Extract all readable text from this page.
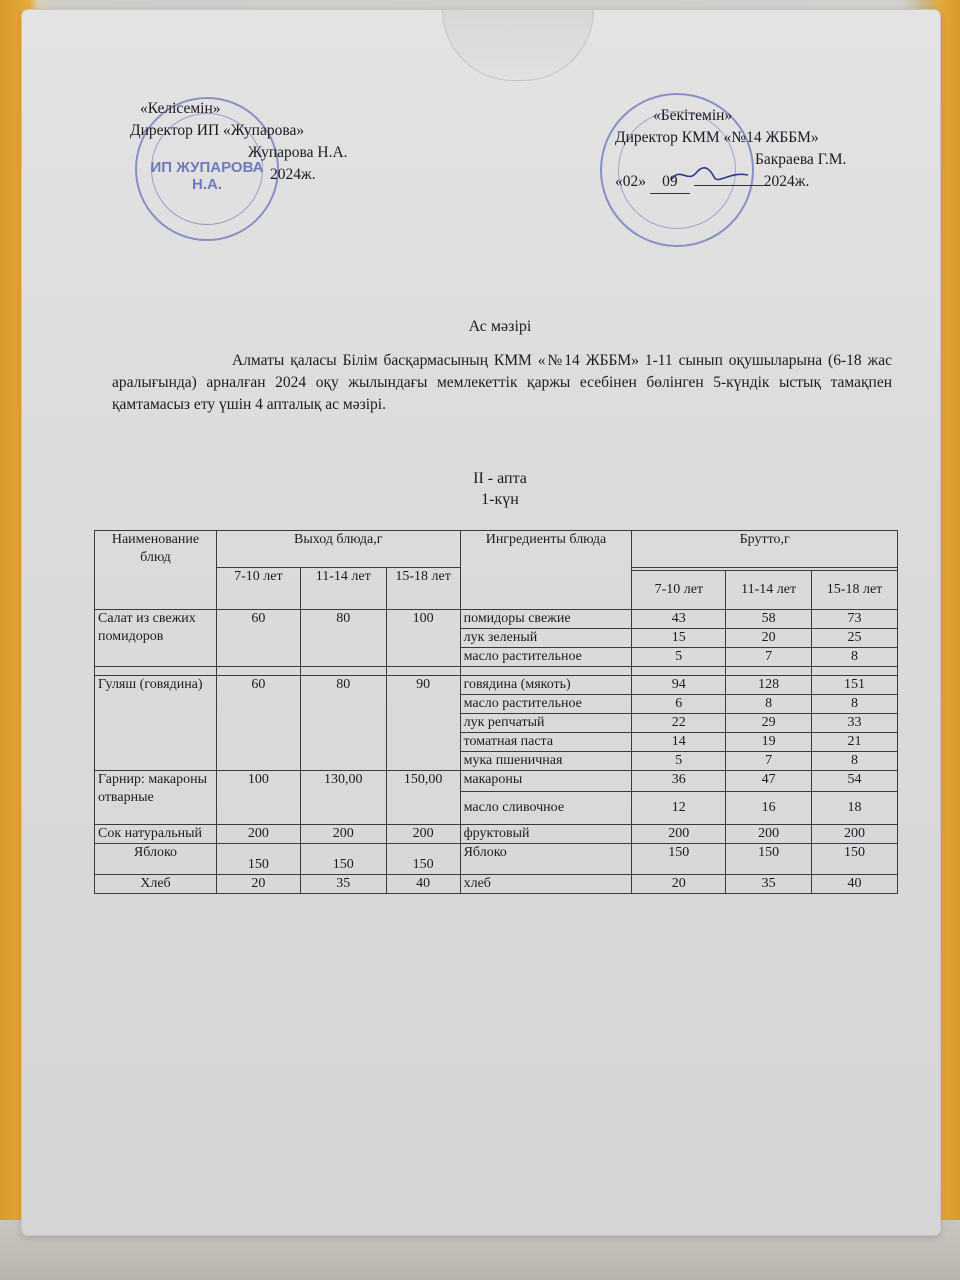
ИП ЖУПАРОВА Н.А.
«Келісемін»
Директор ИП «Жупарова»
Жупарова Н.А.
2024ж.
«Бекітемін»
Директор КММ «№14 ЖББМ»
Бакраева Г.М.
«02» 09	2024ж.
Ас мәзірі
Алматы қаласы Білім басқармасының КММ «№14 ЖББМ» 1-11 сынып оқушыларына (6-18 жас аралығында) арналған 2024 оқу жылындағы мемлекеттік қаржы есебінен бөлінген 5-күндік ыстық тамақпен қамтамасыз ету үшін 4 апталық ас мәзірі.
II - апта
1-күн
Наименование блюд	Выход блюда,г			Ингредиенты блюда	Брутто,г		
	7-10 лет	11-14 лет	15-18 лет				
					7-10 лет	11-14 лет	15-18 лет
Салат из свежих помидоров	60	80	100	помидоры свежие	43	58	73
				лук зеленый	15	20	25
				масло растительное	5	7	8

Гуляш (говядина)	60	80	90	говядина (мякоть)	94	128	151
				масло растительное	6	8	8
				лук репчатый	22	29	33
				томатная паста	14	19	21
				мука пшеничная	5	7	8
Гарнир: макароны отварные	100	130,00	150,00	макароны	36	47	54
				масло сливочное	12	16	18
Сок натуральный	200	200	200	фруктовый	200	200	200
Яблоко	150	150	150	Яблоко	150	150	150
Хлеб	20	35	40	хлеб	20	35	40
